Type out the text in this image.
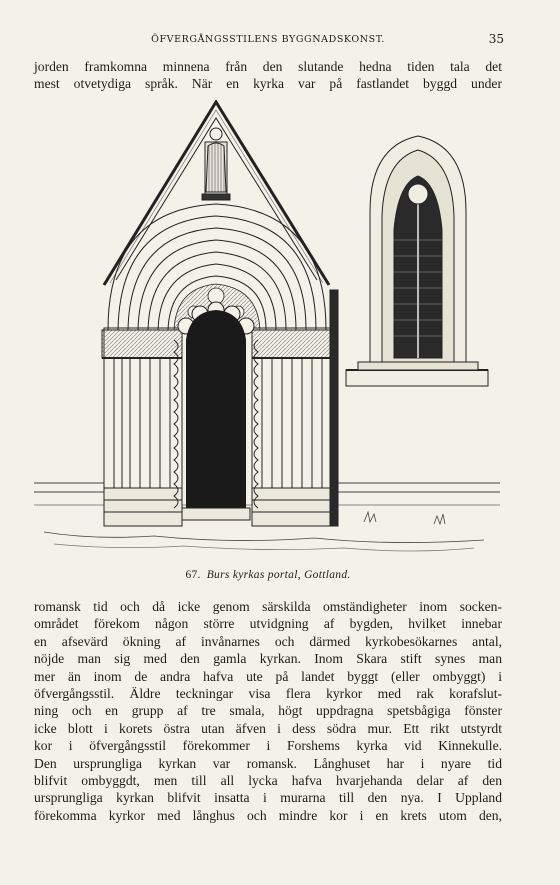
ÖFVERGÅNGSSTILENS BYGGNADSKONST.	35
jorden framkomna minnena från den slutande hedna tiden tala det
mest otvetydiga språk. När en kyrka var på fastlandet byggd under
67. Burs kyrkas portal, Gottland.
romansk tid och då icke genom särskilda omständigheter inom socken-
området förekom någon större utvidgning af bygden, hvilket innebar
en afsevärd ökning af invånarnes och därmed kyrkobesökarnes antal,
nöjde man sig med den gamla kyrkan. Inom Skara stift synes man
mer än inom de andra hafva ute på landet byggt (eller ombyggt) i
öfvergångsstil. Äldre teckningar visa flera kyrkor med rak korafslut-
ning och en grupp af tre smala, högt uppdragna spetsbågiga fönster
icke blott i korets östra utan äfven i dess södra mur. Ett rikt utstyrdt
kor i öfvergångsstil förekommer i Forshems kyrka vid Kinnekulle.
Den ursprungliga kyrkan var romansk. Långhuset har i nyare tid
blifvit ombyggdt, men till all lycka hafva hvarjehanda delar af den
ursprungliga kyrkan blifvit insatta i murarna till den nya. I Uppland
förekomma kyrkor med långhus och mindre kor i en krets utom den,
